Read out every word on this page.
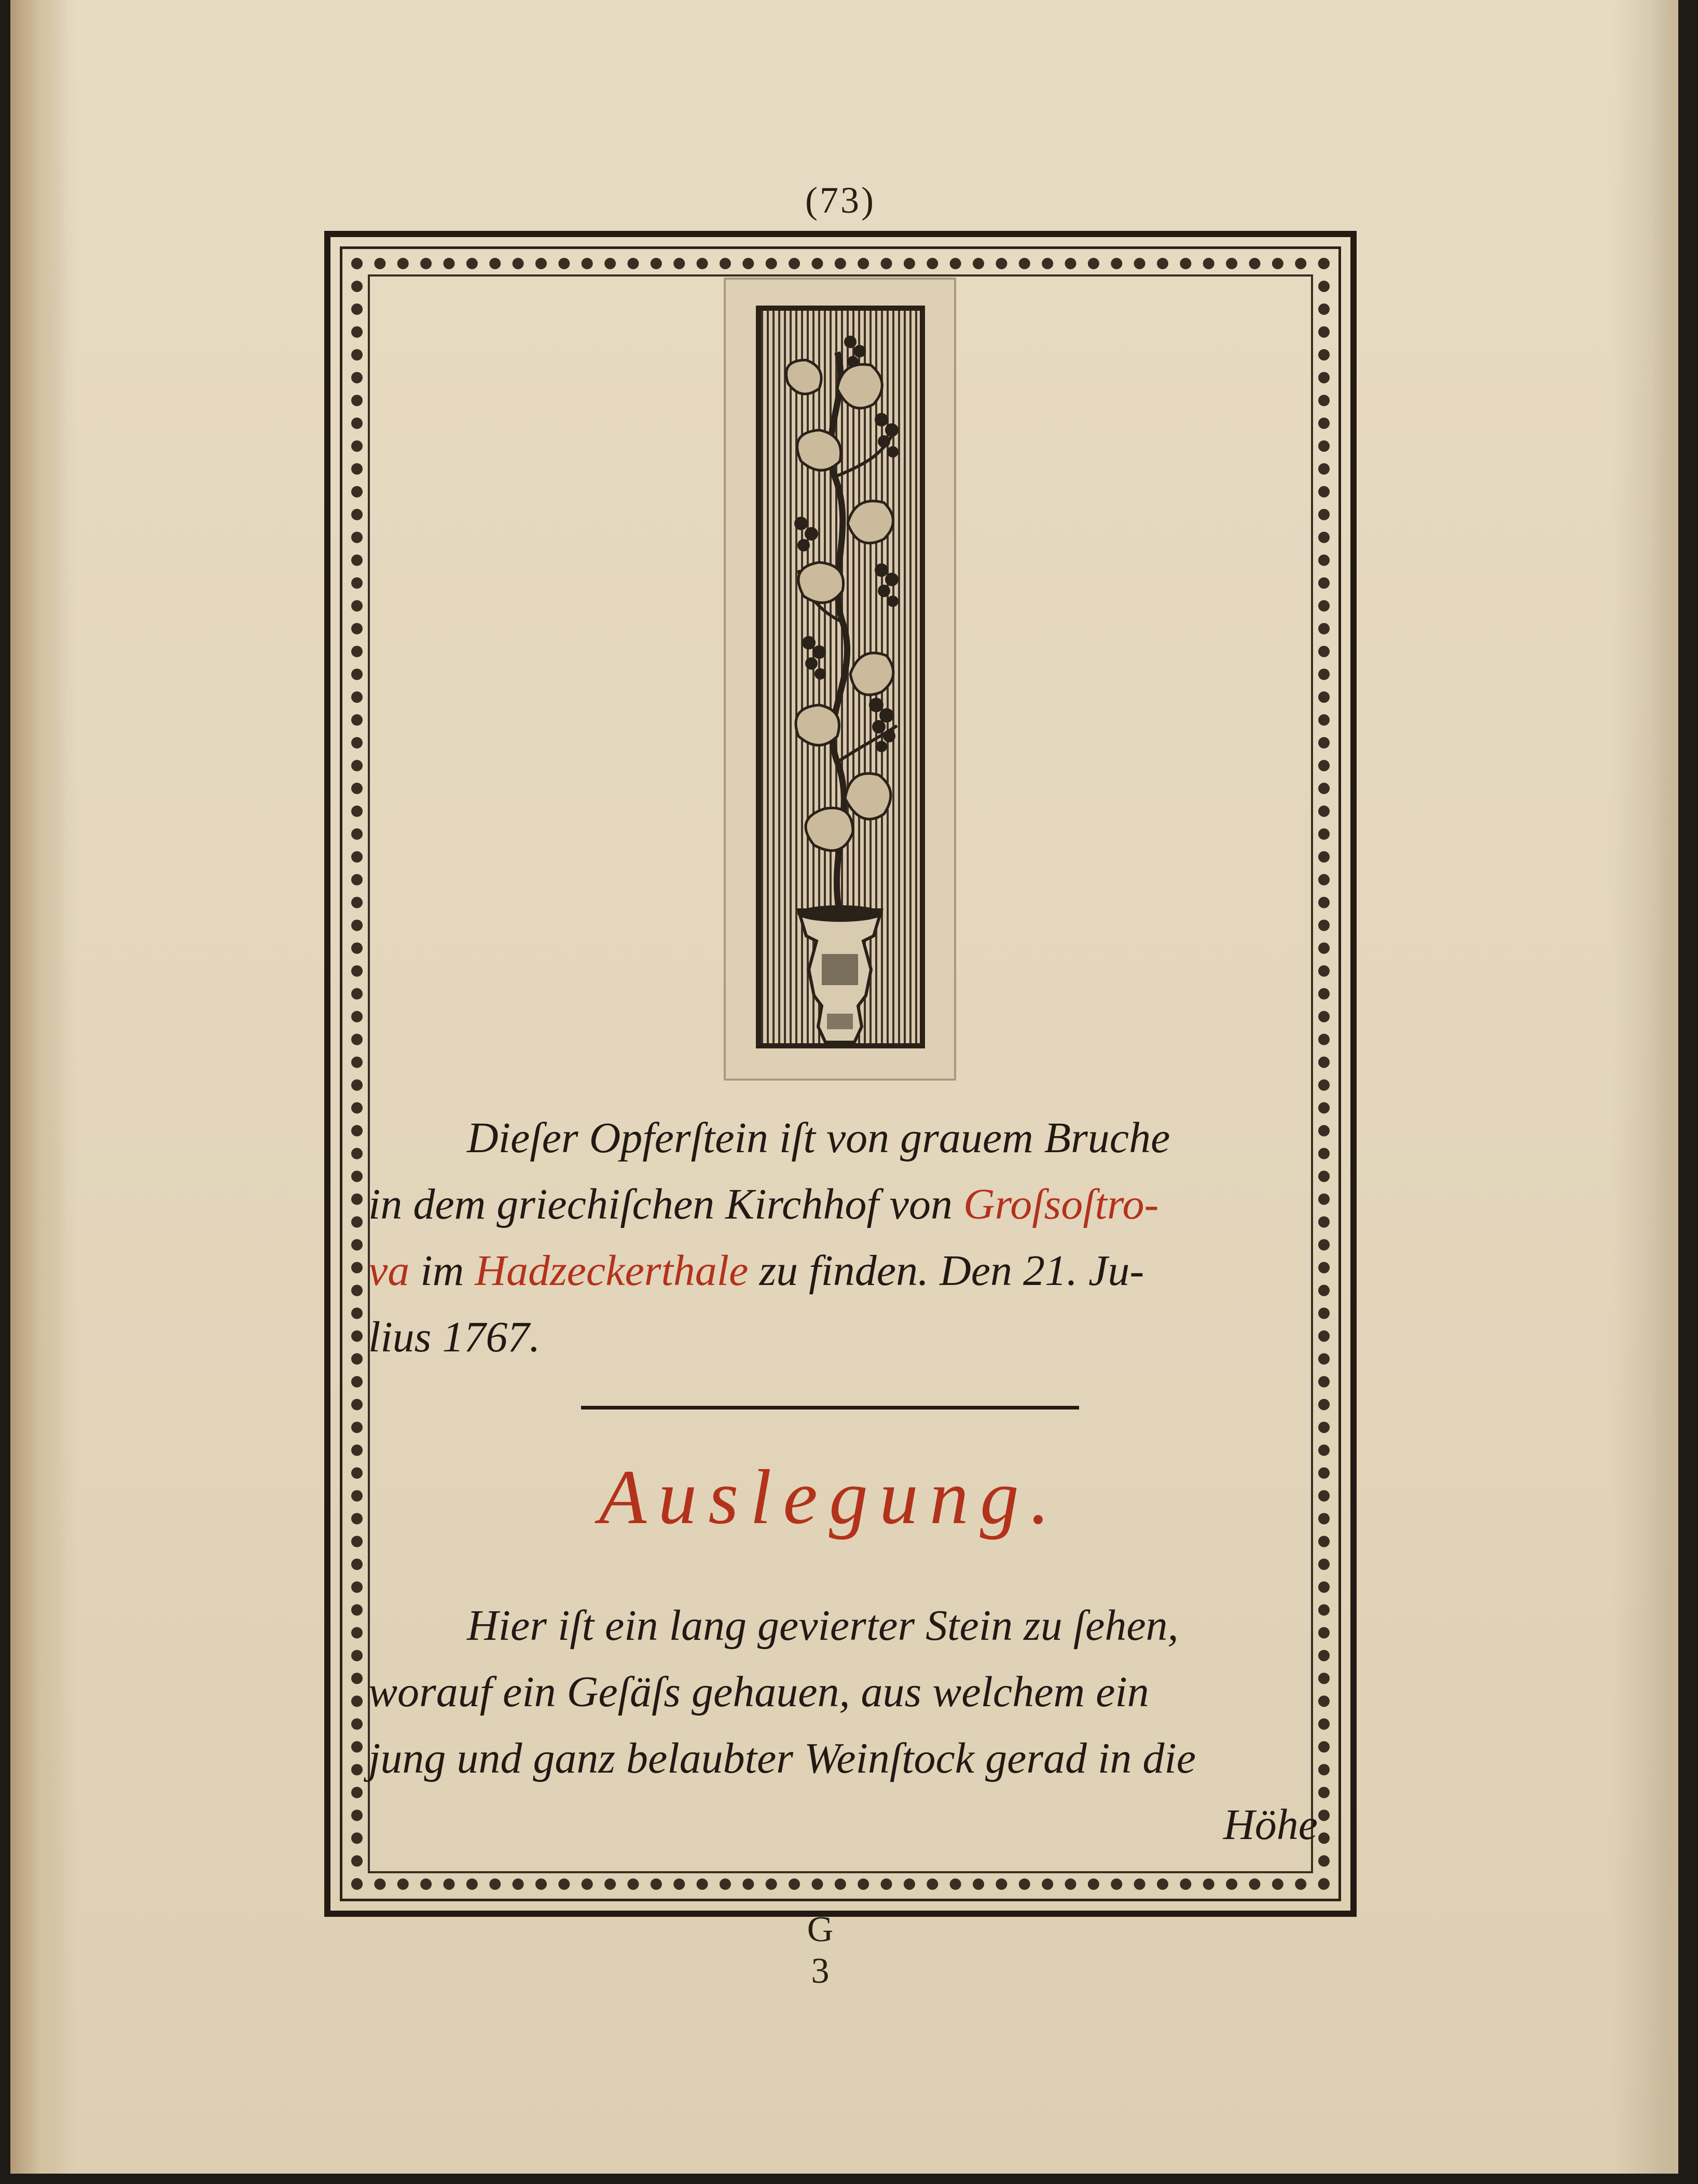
(73)
Dieſer Opferſtein iſt von grauem Bruche
in dem griechiſchen Kirchhof von Groſsoſtro-
va im Hadzeckerthale zu finden. Den 21. Ju-
lius 1767.
Auslegung.
Hier iſt ein lang gevierter Stein zu ſehen,
worauf ein Geſäſs gehauen, aus welchem ein
jung und ganz belaubter Weinſtock gerad in die
Höhe
G 3
